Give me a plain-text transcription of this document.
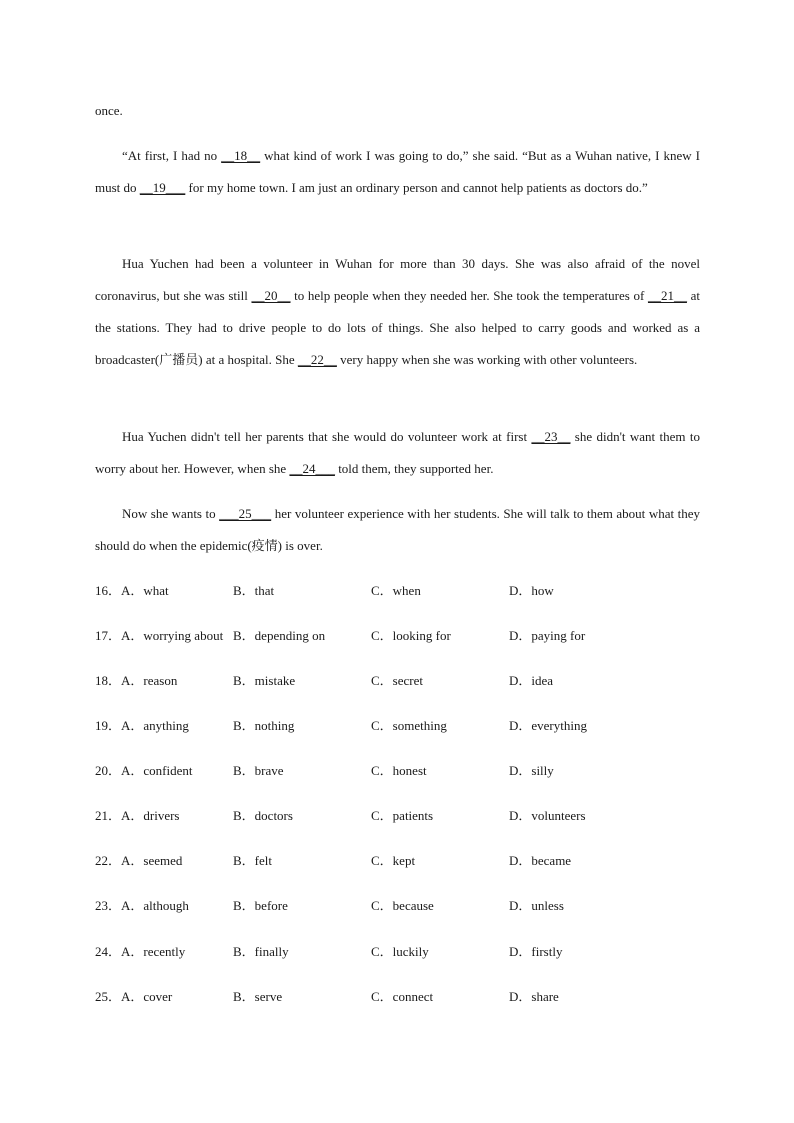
once.

“At first, I had no __18__ what kind of work I was going to do,” she said. “But as a Wuhan native, I knew I must do __19___ for my home town. I am just an ordinary person and cannot help patients as doctors do.”

Hua Yuchen had been a volunteer in Wuhan for more than 30 days. She was also afraid of the novel coronavirus, but she was still __20__ to help people when they needed her. She took the temperatures of __21__ at the stations. They had to drive people to do lots of things. She also helped to carry goods and worked as a broadcaster(广播员) at a hospital. She __22__ very happy when she was working with other volunteers.

Hua Yuchen didn't tell her parents that she would do volunteer work at first __23__ she didn't want them to worry about her. However, when she __24___ told them, they supported her.

Now she wants to ___25___ her volunteer experience with her students. She will talk to them about what they should do when the epidemic(疫情) is over.

16．A．what	B．that	C．when	D．how
17．A．worrying about B．depending on	C．looking for	D．paying for
18．A．reason	B．mistake	C．secret	D．idea
19．A．anything	B．nothing	C．something	D．everything
20．A．confident	B．brave	C．honest	D．silly
21．A．drivers	B．doctors	C．patients	D．volunteers
22．A．seemed	B．felt	C．kept	D．became
23．A．although	B．before	C．because	D．unless
24．A．recently	B．finally	C．luckily	D．firstly
25．A．cover	B．serve	C．connect	D．share
